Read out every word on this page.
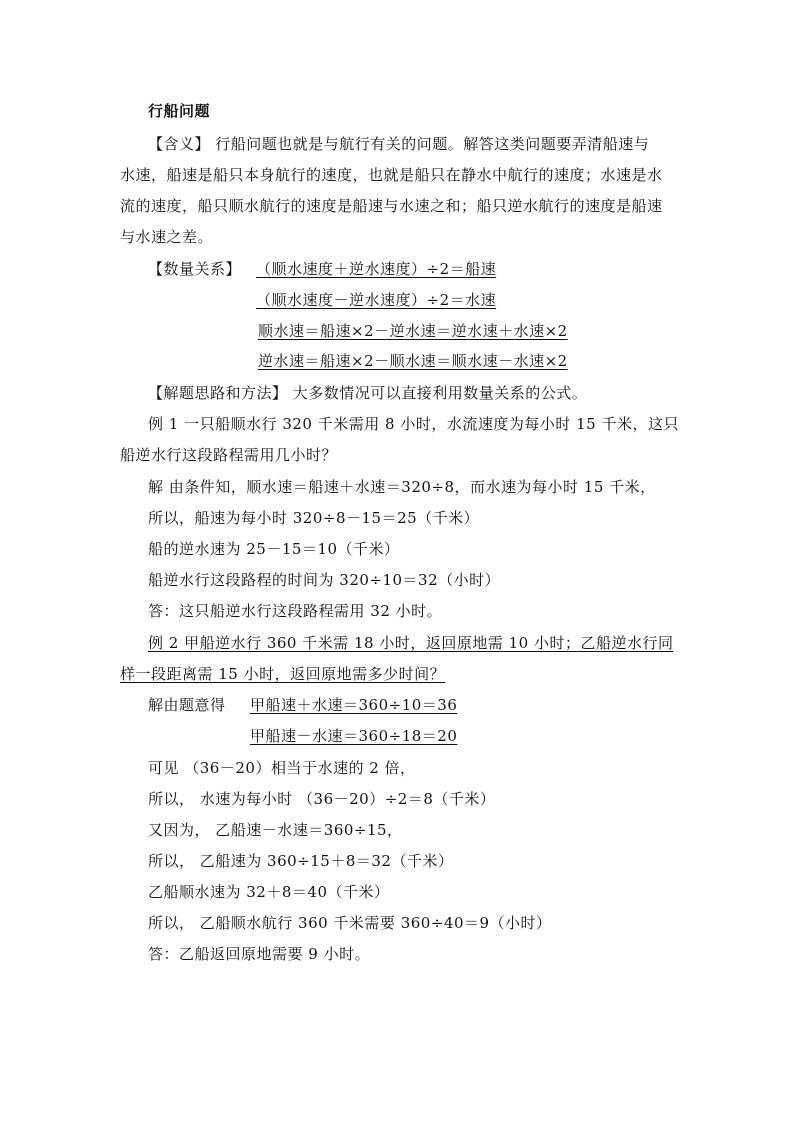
行船问题
【含义】 行船问题也就是与航行有关的问题。解答这类问题要弄清船速与
水速，船速是船只本身航行的速度，也就是船只在静水中航行的速度；水速是水
流的速度，船只顺水航行的速度是船速与水速之和；船只逆水航行的速度是船速
与水速之差。
【数量关系】 （顺水速度＋逆水速度）÷2＝船速
（顺水速度－逆水速度）÷2＝水速
顺水速＝船速×2－逆水速＝逆水速＋水速×2
逆水速＝船速×2－顺水速＝顺水速－水速×2
【解题思路和方法】 大多数情况可以直接利用数量关系的公式。
例 1 一只船顺水行 320 千米需用 8 小时，水流速度为每小时 15 千米，这只
船逆水行这段路程需用几小时？
解 由条件知，顺水速＝船速＋水速＝320÷8，而水速为每小时 15 千米，
所以，船速为每小时 320÷8－15＝25（千米）
船的逆水速为 25－15＝10（千米）
船逆水行这段路程的时间为 320÷10＝32（小时）
答：这只船逆水行这段路程需用 32 小时。
例 2 甲船逆水行 360 千米需 18 小时，返回原地需 10 小时；乙船逆水行同
样一段距离需 15 小时，返回原地需多少时间？
解由题意得 甲船速＋水速＝360÷10＝36
甲船速－水速＝360÷18＝20
可见 （36－20）相当于水速的 2 倍，
所以， 水速为每小时 （36－20）÷2＝8（千米）
又因为， 乙船速－水速＝360÷15，
所以， 乙船速为 360÷15＋8＝32（千米）
乙船顺水速为 32＋8＝40（千米）
所以， 乙船顺水航行 360 千米需要 360÷40＝9（小时）
答：乙船返回原地需要 9 小时。
